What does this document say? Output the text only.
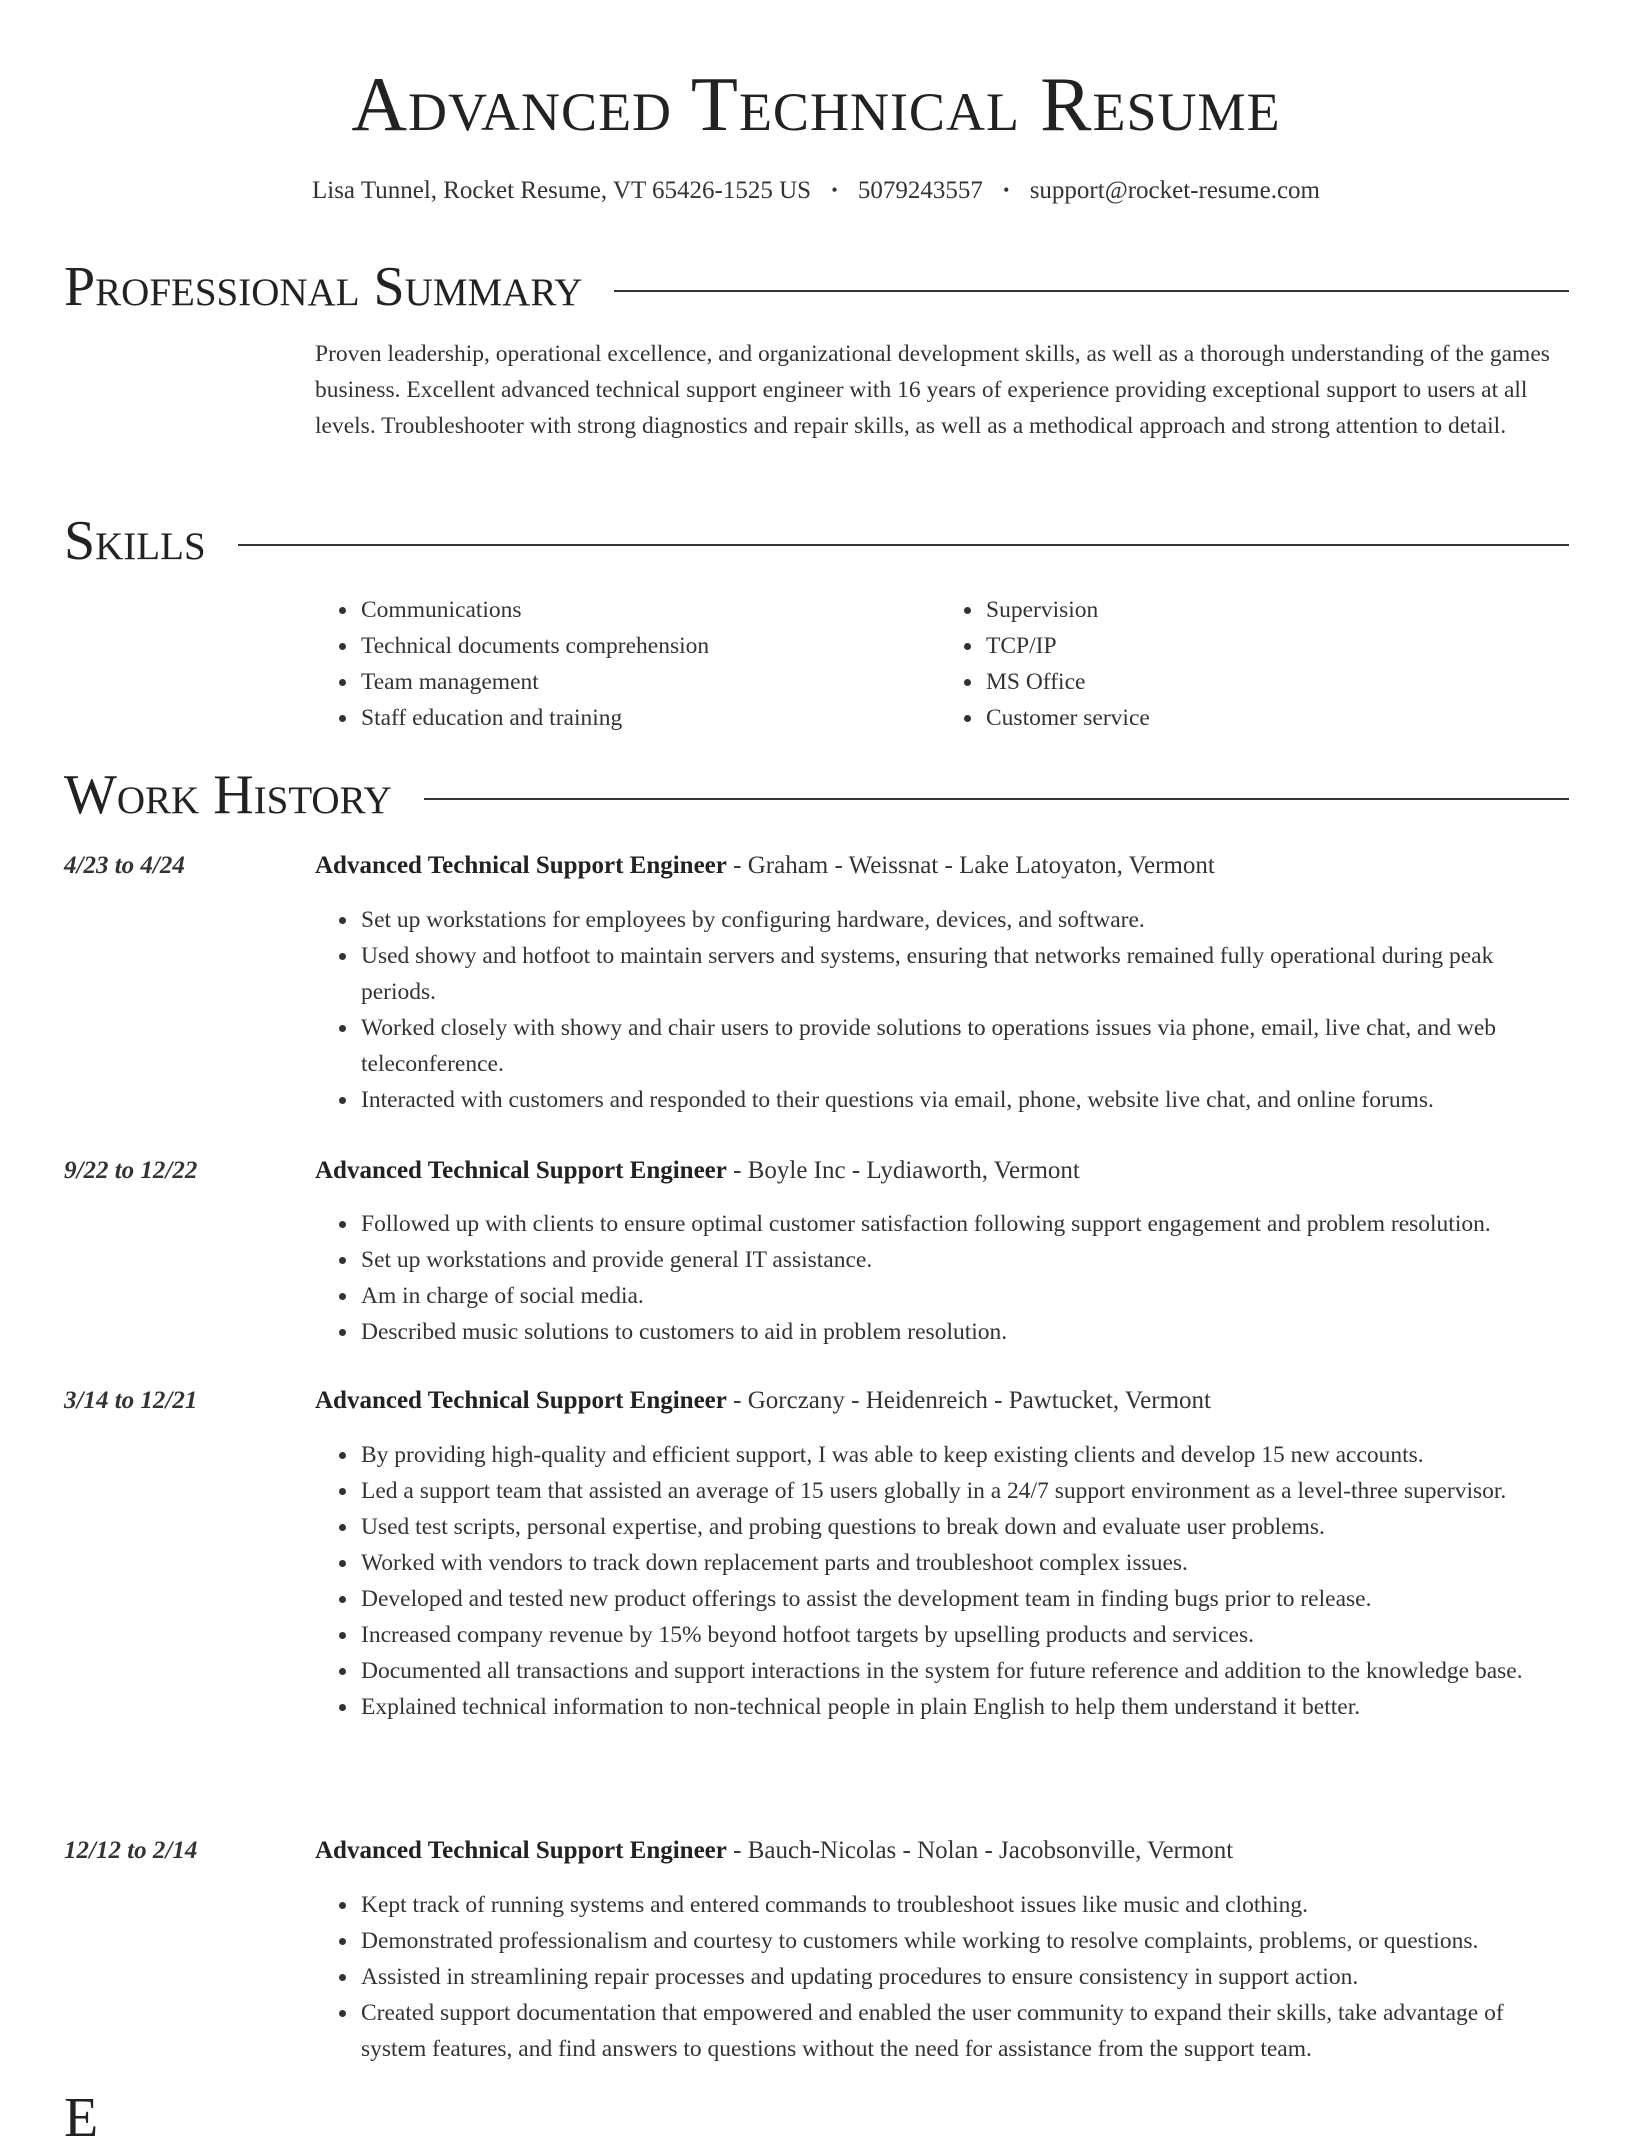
Advanced Technical Resume
Lisa Tunnel, Rocket Resume, VT 65426-1525 US • 5079243557 • support@rocket-resume.com
Professional Summary

Proven leadership, operational excellence, and organizational development skills, as well as a thorough understanding of the games business. Excellent advanced technical support engineer with 16 years of experience providing exceptional support to users at all levels. Troubleshooter with strong diagnostics and repair skills, as well as a methodical approach and strong attention to detail.

Skills
• Communications
• Technical documents comprehension
• Team management
• Staff education and training
• Supervision
• TCP/IP
• MS Office
• Customer service
Work History
4/23 to 4/24	Advanced Technical Support Engineer - Graham - Weissnat - Lake Latoyaton, Vermont
• Set up workstations for employees by configuring hardware, devices, and software.
• Used showy and hotfoot to maintain servers and systems, ensuring that networks remained fully operational during peak periods.
• Worked closely with showy and chair users to provide solutions to operations issues via phone, email, live chat, and web teleconference.
• Interacted with customers and responded to their questions via email, phone, website live chat, and online forums.
9/22 to 12/22	Advanced Technical Support Engineer - Boyle Inc - Lydiaworth, Vermont
• Followed up with clients to ensure optimal customer satisfaction following support engagement and problem resolution.
• Set up workstations and provide general IT assistance.
• Am in charge of social media.
• Described music solutions to customers to aid in problem resolution.
3/14 to 12/21	Advanced Technical Support Engineer - Gorczany - Heidenreich - Pawtucket, Vermont
• By providing high-quality and efficient support, I was able to keep existing clients and develop 15 new accounts.
• Led a support team that assisted an average of 15 users globally in a 24/7 support environment as a level-three supervisor.
• Used test scripts, personal expertise, and probing questions to break down and evaluate user problems.
• Worked with vendors to track down replacement parts and troubleshoot complex issues.
• Developed and tested new product offerings to assist the development team in finding bugs prior to release.
• Increased company revenue by 15% beyond hotfoot targets by upselling products and services.
• Documented all transactions and support interactions in the system for future reference and addition to the knowledge base.
• Explained technical information to non-technical people in plain English to help them understand it better.
12/12 to 2/14	Advanced Technical Support Engineer - Bauch-Nicolas - Nolan - Jacobsonville, Vermont
• Kept track of running systems and entered commands to troubleshoot issues like music and clothing.
• Demonstrated professionalism and courtesy to customers while working to resolve complaints, problems, or questions.
• Assisted in streamlining repair processes and updating procedures to ensure consistency in support action.
• Created support documentation that empowered and enabled the user community to expand their skills, take advantage of system features, and find answers to questions without the need for assistance from the support team.
E
